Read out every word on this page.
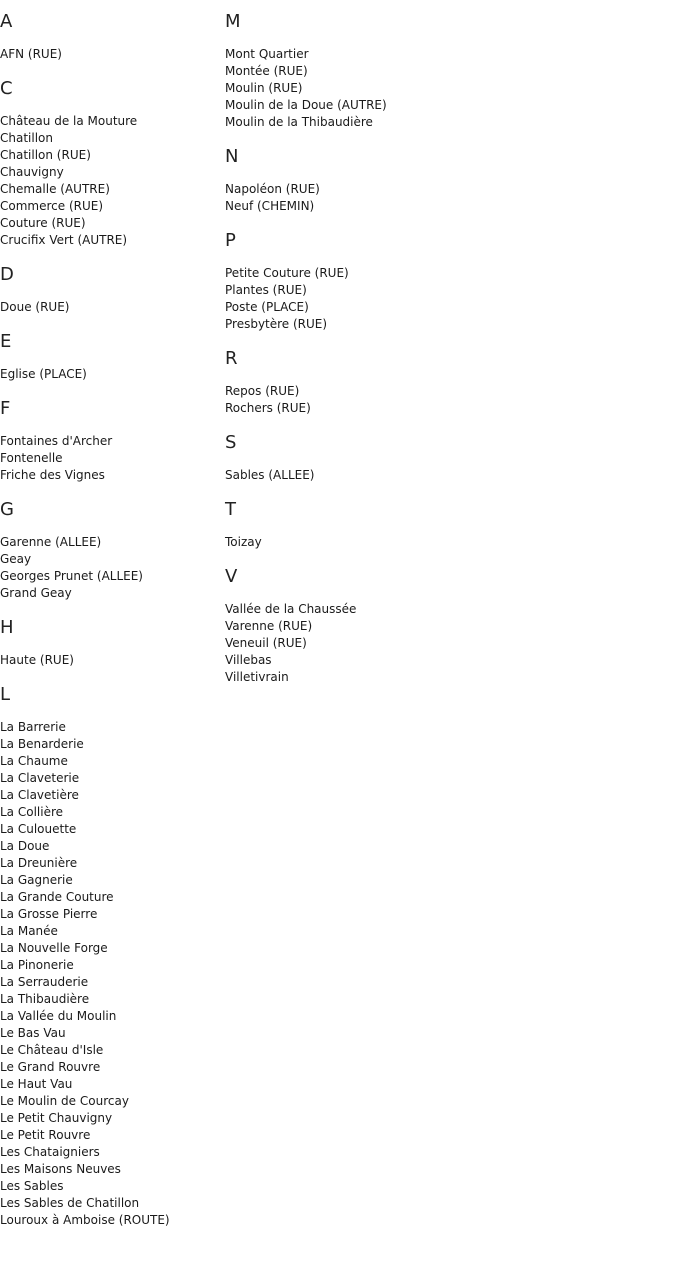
A
AFN (RUE)
C
Château de la Mouture
Chatillon
Chatillon (RUE)
Chauvigny
Chemalle (AUTRE)
Commerce (RUE)
Couture (RUE)
Crucifix Vert (AUTRE)
D
Doue (RUE)
E
Eglise (PLACE)
F
Fontaines d'Archer
Fontenelle
Friche des Vignes
G
Garenne (ALLEE)
Geay
Georges Prunet (ALLEE)
Grand Geay
H
Haute (RUE)
L
La Barrerie
La Benarderie
La Chaume
La Claveterie
La Clavetière
La Collière
La Culouette
La Doue
La Dreunière
La Gagnerie
La Grande Couture
La Grosse Pierre
La Manée
La Nouvelle Forge
La Pinonerie
La Serrauderie
La Thibaudière
La Vallée du Moulin
Le Bas Vau
Le Château d'Isle
Le Grand Rouvre
Le Haut Vau
Le Moulin de Courcay
Le Petit Chauvigny
Le Petit Rouvre
Les Chataigniers
Les Maisons Neuves
Les Sables
Les Sables de Chatillon
Louroux à Amboise (ROUTE)
M
Mont Quartier
Montée (RUE)
Moulin (RUE)
Moulin de la Doue (AUTRE)
Moulin de la Thibaudière
N
Napoléon (RUE)
Neuf (CHEMIN)
P
Petite Couture (RUE)
Plantes (RUE)
Poste (PLACE)
Presbytère (RUE)
R
Repos (RUE)
Rochers (RUE)
S
Sables (ALLEE)
T
Toizay
V
Vallée de la Chaussée
Varenne (RUE)
Veneuil (RUE)
Villebas
Villetivrain
